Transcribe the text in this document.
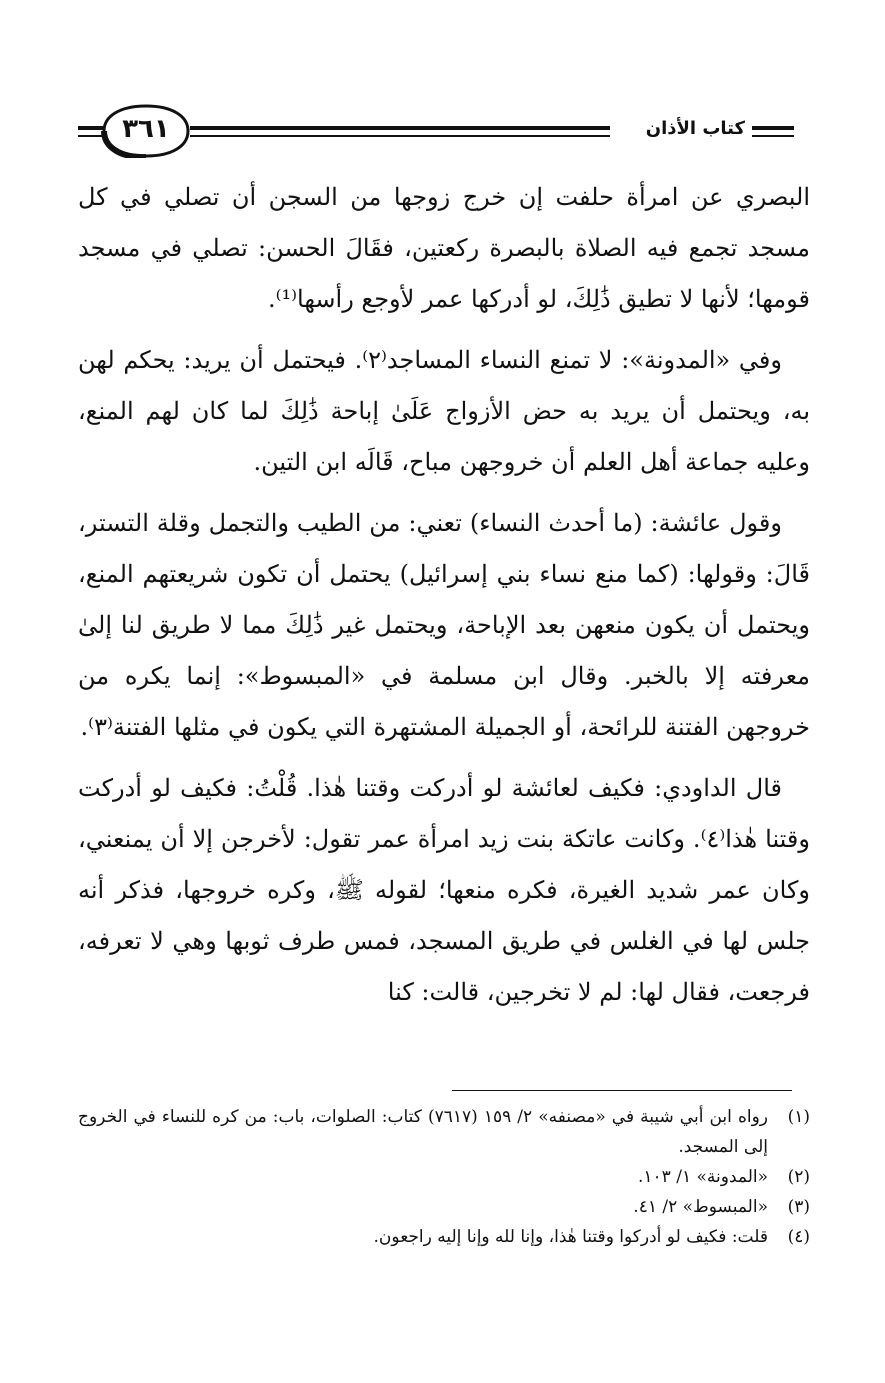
٣٦١	كتاب الأذان

البصري عن امرأة حلفت إن خرج زوجها من السجن أن تصلي في كل مسجد تجمع فيه الصلاة بالبصرة ركعتين، فقَالَ الحسن: تصلي في مسجد قومها؛ لأنها لا تطيق ذَٰلِكَ، لو أدركها عمر لأوجع رأسها⁽¹⁾.

وفي «المدونة»: لا تمنع النساء المساجد⁽٢⁾. فيحتمل أن يريد: يحكم لهن به، ويحتمل أن يريد به حض الأزواج عَلَىٰ إباحة ذَٰلِكَ لما كان لهم المنع، وعليه جماعة أهل العلم أن خروجهن مباح، قَالَه ابن التين.

وقول عائشة: (ما أحدث النساء) تعني: من الطيب والتجمل وقلة التستر، قَالَ: وقولها: (كما منع نساء بني إسرائيل) يحتمل أن تكون شريعتهم المنع، ويحتمل أن يكون منعهن بعد الإباحة، ويحتمل غير ذَٰلِكَ مما لا طريق لنا إلىٰ معرفته إلا بالخبر. وقال ابن مسلمة في «المبسوط»: إنما يكره من خروجهن الفتنة للرائحة، أو الجميلة المشتهرة التي يكون في مثلها الفتنة⁽٣⁾.

قال الداودي: فكيف لعائشة لو أدركت وقتنا هٰذا. قُلْتُ: فكيف لو أدركت وقتنا هٰذا⁽٤⁾. وكانت عاتكة بنت زيد امرأة عمر تقول: لأخرجن إلا أن يمنعني، وكان عمر شديد الغيرة، فكره منعها؛ لقوله ﷺ، وكره خروجها، فذكر أنه جلس لها في الغلس في طريق المسجد، فمس طرف ثوبها وهي لا تعرفه، فرجعت، فقال لها: لم لا تخرجين، قالت: كنا

(١)
رواه ابن أبي شيبة في «مصنفه» ٢/ ١٥٩ (٧٦١٧) كتاب: الصلوات، باب: من كره للنساء في الخروج إلى المسجد.
(٢)
«المدونة» ١/ ١٠٣.
(٣)
«المبسوط» ٢/ ٤١.
(٤)
قلت: فكيف لو أدركوا وقتنا هٰذا، وإنا لله وإنا إليه راجعون.
